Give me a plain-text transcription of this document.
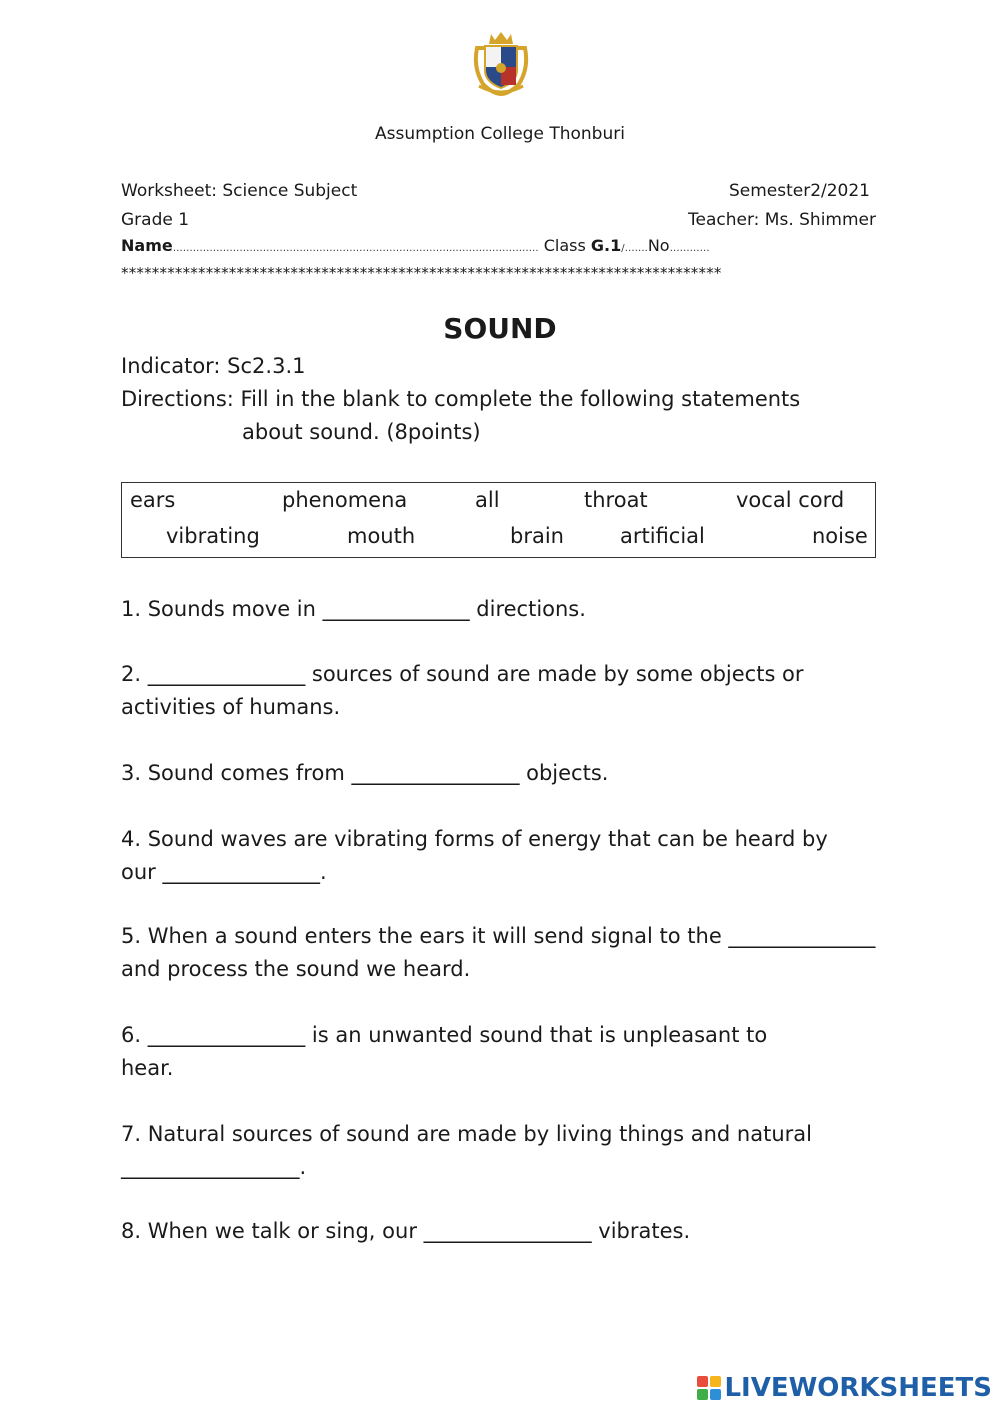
Assumption College Thonburi
Worksheet: Science Subject	Semester2/2021
Grade 1	Teacher: Ms. Shimmer
Name………………………………….…………….………………………..……………………. Class G.1/…….No…………
******************************************************************************
SOUND
Indicator: Sc2.3.1
Directions: Fill in the blank to complete the following statements
about sound. (8points)
ears	phenomena	all	throat	vocal cord
vibrating	mouth	brain	artificial	noise
1. Sounds move in ______________ directions.
2. _______________ sources of sound are made by some objects or
activities of humans.
3. Sound comes from ________________ objects.
4. Sound waves are vibrating forms of energy that can be heard by
our _______________.
5. When a sound enters the ears it will send signal to the ______________
and process the sound we heard.
6. _______________ is an unwanted sound that is unpleasant to
hear.
7. Natural sources of sound are made by living things and natural
_________________.
8. When we talk or sing, our ________________ vibrates.
LIVEWORKSHEETS
